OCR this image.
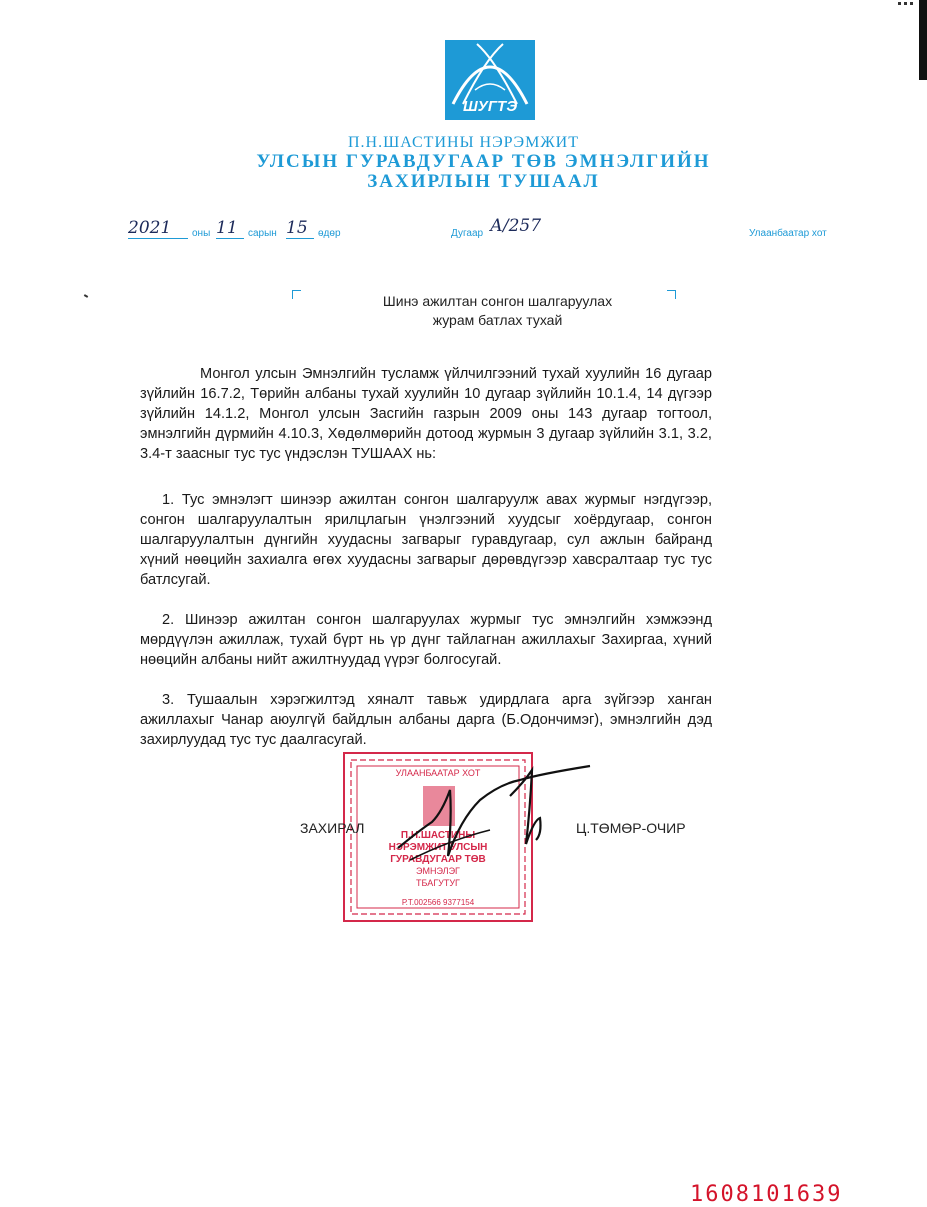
ШУГТЭ
П.Н.ШАСТИНЫ НЭРЭМЖИТ
УЛСЫН ГУРАВДУГААР ТӨВ ЭМНЭЛГИЙН
ЗАХИРЛЫН ТУШААЛ
2021	оны 11	сарын 15	өдөр	Дугаар А/257	Улаанбаатар хот
Шинэ ажилтан сонгон шалгаруулах
журам батлах тухай

Монгол улсын Эмнэлгийн тусламж үйлчилгээний тухай хуулийн 16 дугаар зүйлийн 16.7.2, Төрийн албаны тухай хуулийн 10 дугаар зүйлийн 10.1.4, 14 дүгээр зүйлийн 14.1.2, Монгол улсын Засгийн газрын 2009 оны 143 дугаар тогтоол, эмнэлгийн дүрмийн 4.10.3, Хөдөлмөрийн дотоод журмын 3 дугаар зүйлийн 3.1, 3.2, 3.4-т заасныг тус тус үндэслэн ТУШААХ нь:

1. Тус эмнэлэгт шинээр ажилтан сонгон шалгаруулж авах журмыг нэгдүгээр, сонгон шалгаруулалтын ярилцлагын үнэлгээний хуудсыг хоёрдугаар, сонгон шалгаруулалтын дүнгийн хуудасны загварыг гуравдугаар, сул ажлын байранд хүний нөөцийн захиалга өгөх хуудасны загварыг дөрөвдүгээр хавсралтаар тус тус батлсугай.

2. Шинээр ажилтан сонгон шалгаруулах журмыг тус эмнэлгийн хэмжээнд мөрдүүлэн ажиллаж, тухай бүрт нь үр дүнг тайлагнан ажиллахыг Захиргаа, хүний нөөцийн албаны нийт ажилтнуудад үүрэг болгосугай.

3. Тушаалын хэрэгжилтэд хяналт тавьж удирдлага арга зүйгээр ханган ажиллахыг Чанар аюулгүй байдлын албаны дарга (Б.Одончимэг), эмнэлгийн дэд захирлуудад тус тус даалгасугай.

УЛААНБААТАР ХОТ
П.Н.ШАСТИНЫ
НЭРЭМЖИТ УЛСЫН
ГУРАВДУГААР ТӨВ
ЭМНЭЛЭГ
ТБАГУТУГ
Р.Т.002566 9377154
ЗАХИРАЛ	Ц.ТӨМӨР-ОЧИР
1608101639
